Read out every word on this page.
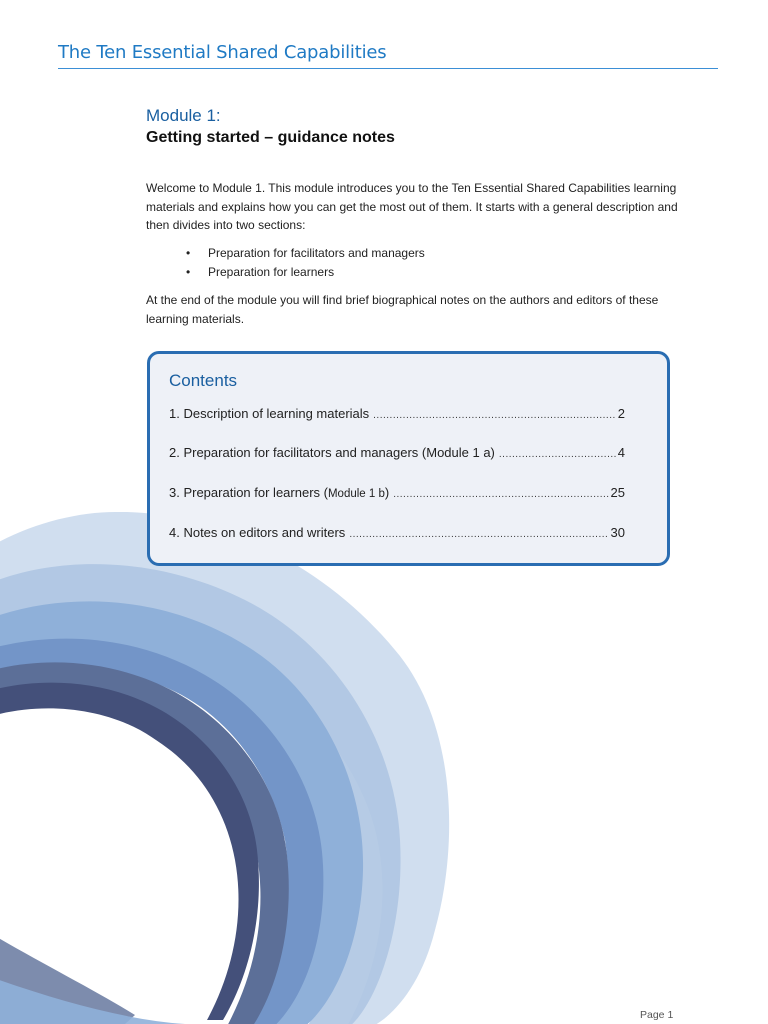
The Ten Essential Shared Capabilities
Module 1:
Getting started – guidance notes

Welcome to Module 1. This module introduces you to the Ten Essential Shared Capabilities learning materials and explains how you can get the most out of them. It starts with a general description and then divides into two sections:

• Preparation for facilitators and managers
• Preparation for learners

At the end of the module you will find brief biographical notes on the authors and editors of these learning materials.

Contents
1. Description of learning materials .....	2
2. Preparation for facilitators and managers (Module 1 a) .....	4
3. Preparation for learners (Module 1 b) .....	25
4. Notes on editors and writers .....	30
Page 1
